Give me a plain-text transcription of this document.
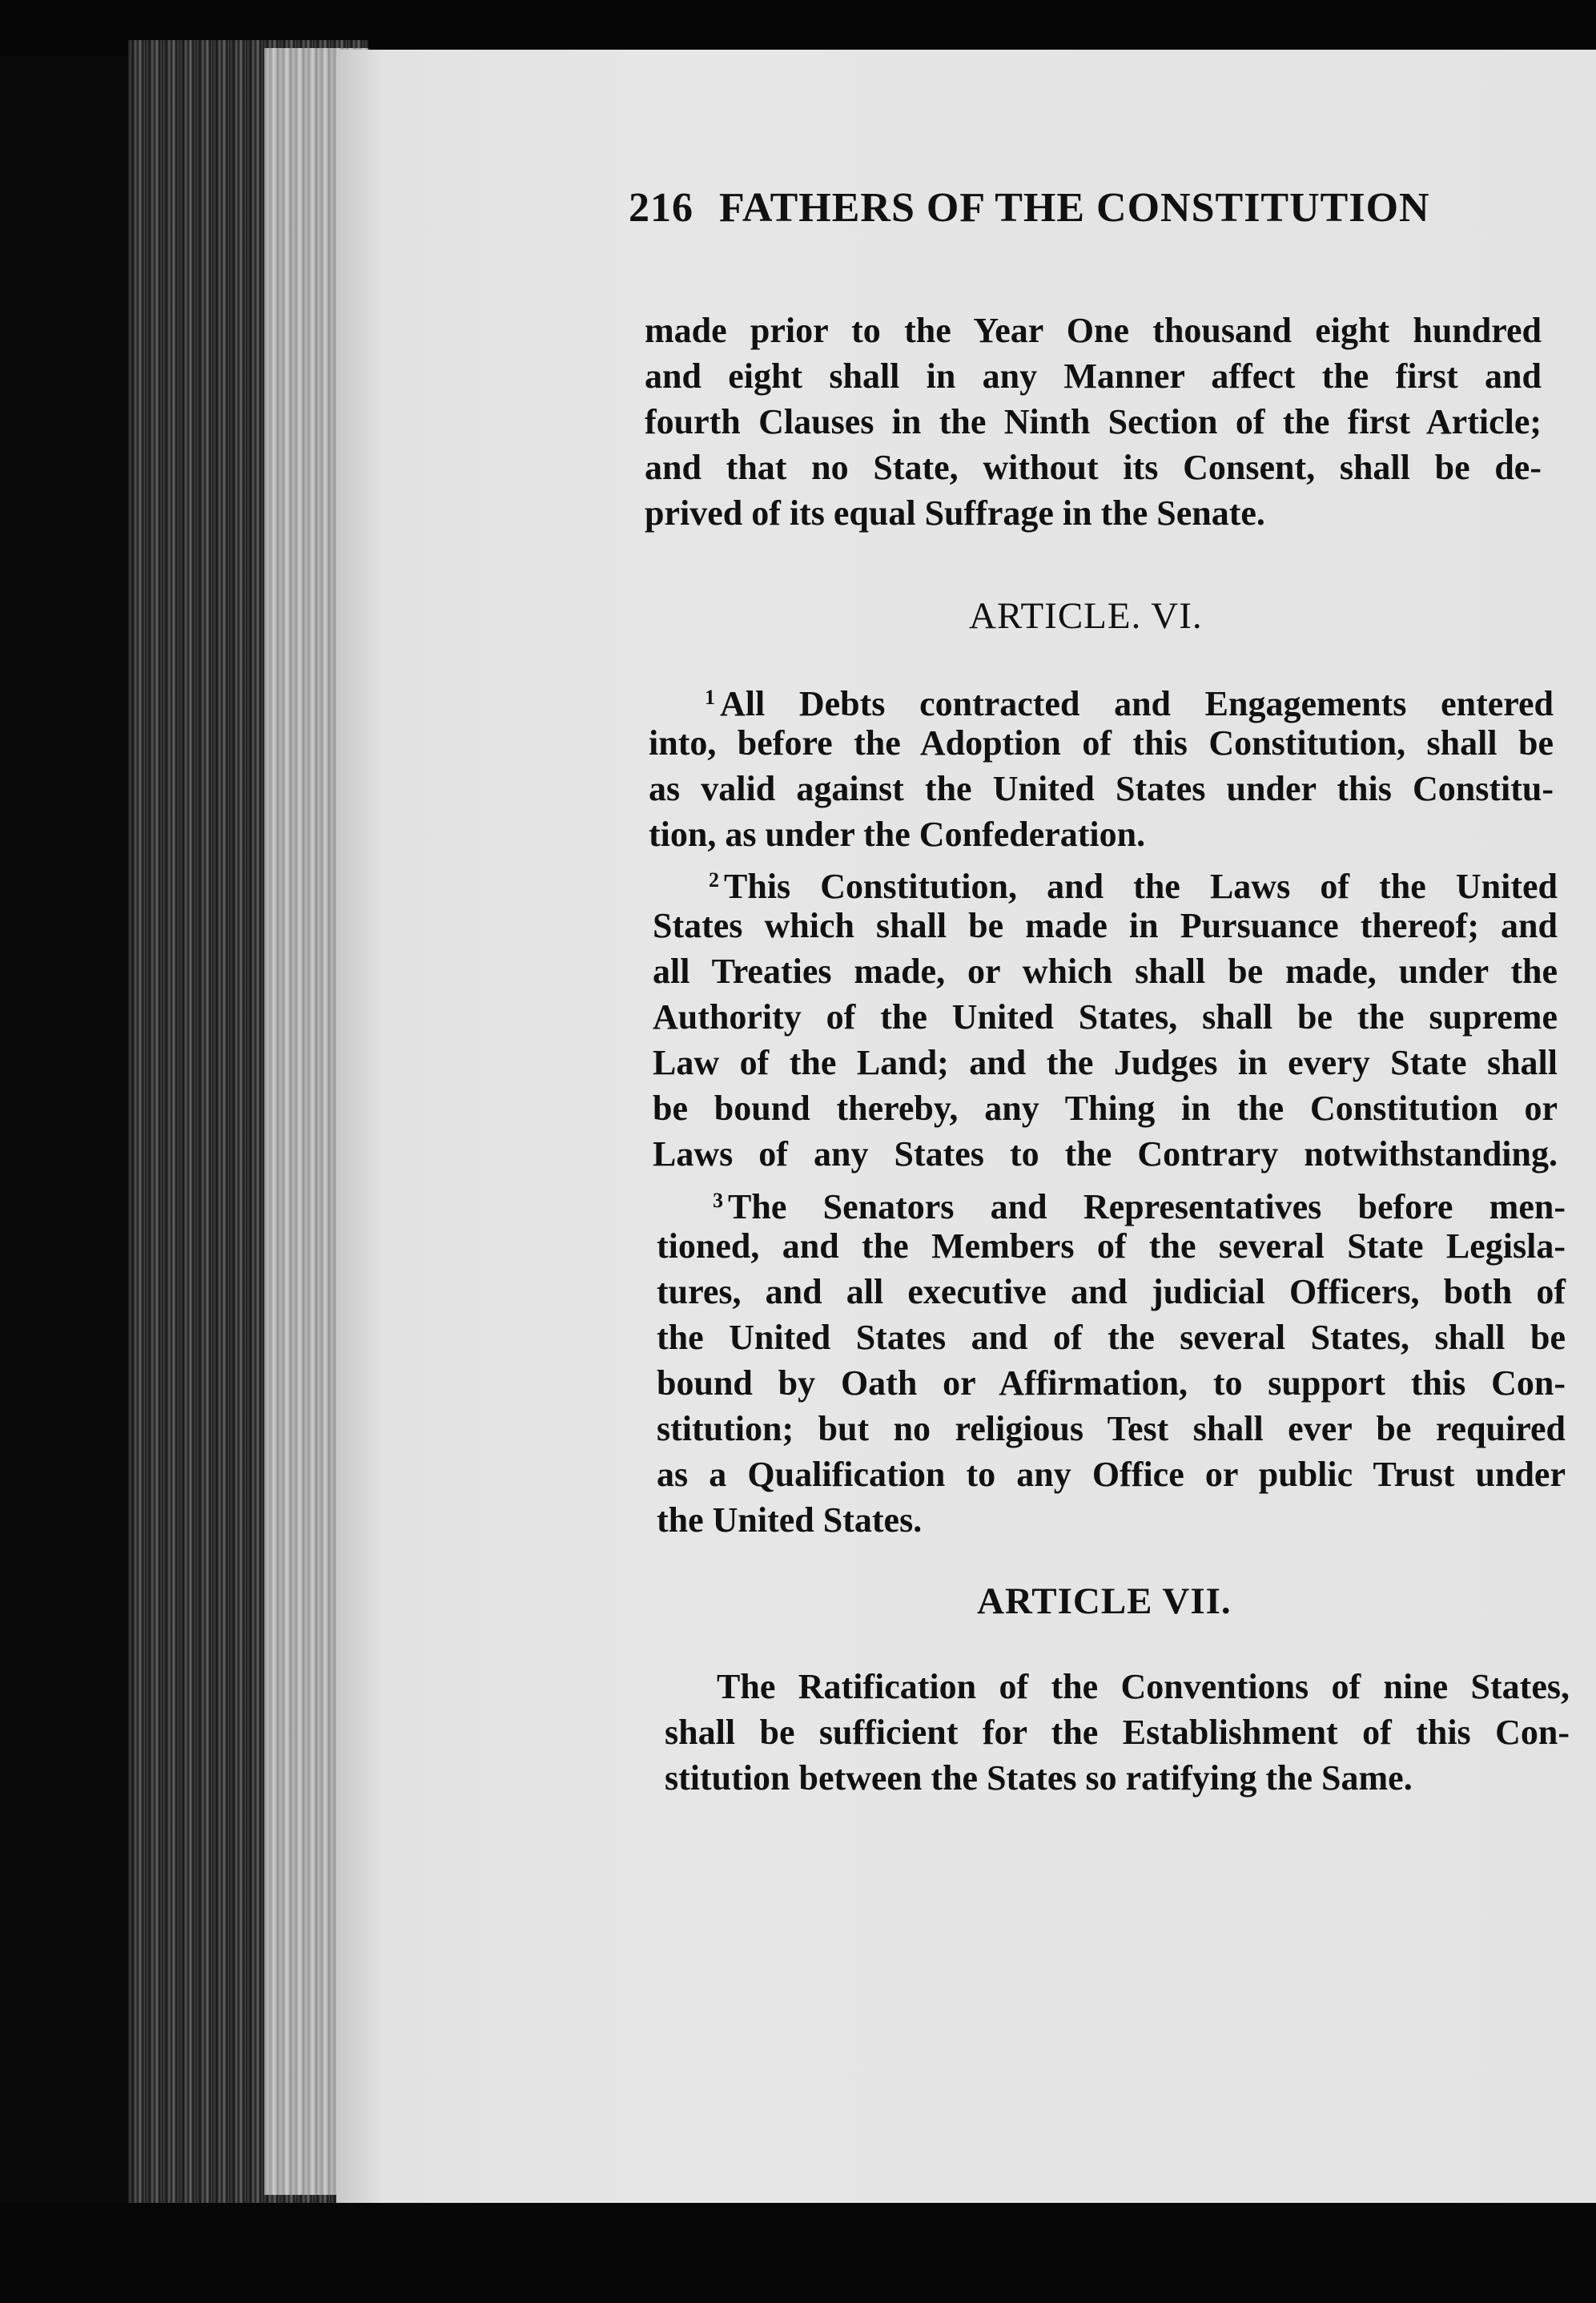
216 FATHERS OF THE CONSTITUTION
made prior to the Year One thousand eight hundred
and eight shall in any Manner affect the first and
fourth Clauses in the Ninth Section of the first Article;
and that no State, without its Consent, shall be de-
prived of its equal Suffrage in the Senate.
ARTICLE. VI.
$^1$ All Debts contracted and Engagements entered
into, before the Adoption of this Constitution, shall be
as valid against the United States under this Constitu-
tion, as under the Confederation.
$^2$ This Constitution, and the Laws of the United
States which shall be made in Pursuance thereof; and
all Treaties made, or which shall be made, under the
Authority of the United States, shall be the supreme
Law of the Land; and the Judges in every State shall
be bound thereby, any Thing in the Constitution or
Laws of any States to the Contrary notwithstanding.
$^3$ The Senators and Representatives before men-
tioned, and the Members of the several State Legisla-
tures, and all executive and judicial Officers, both of
the United States and of the several States, shall be
bound by Oath or Affirmation, to support this Con-
stitution; but no religious Test shall ever be required
as a Qualification to any Office or public Trust under
the United States.
ARTICLE VII.
The Ratification of the Conventions of nine States,
shall be sufficient for the Establishment of this Con-
stitution between the States so ratifying the Same.
